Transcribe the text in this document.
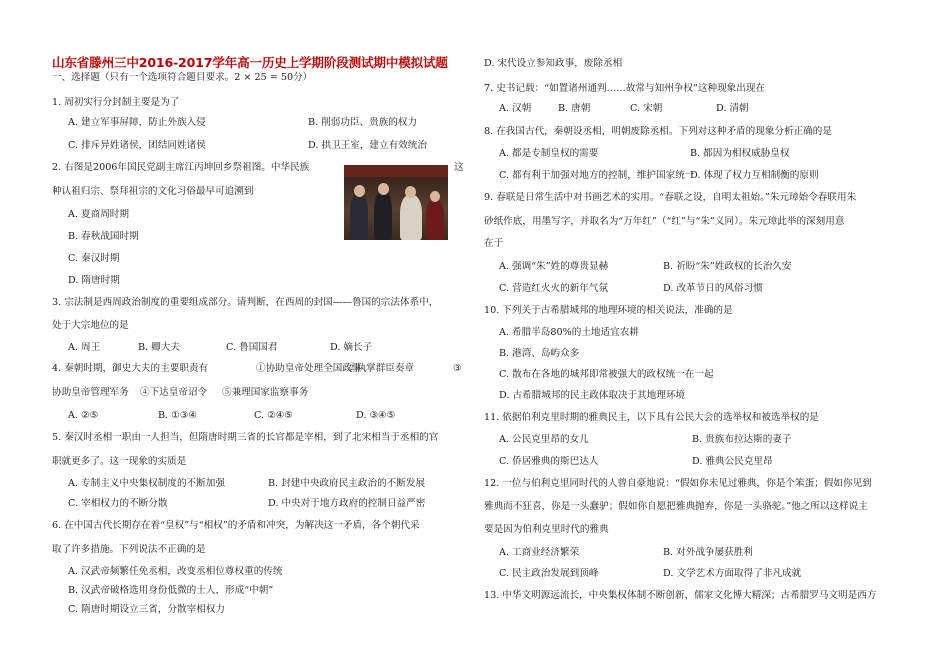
山东省滕州三中2016-2017学年高一历史上学期阶段测试期中模拟试题
一、选择题（只有一个选项符合题目要求。2 × 25 = 50分）
1. 周初实行分封制主要是为了
A. 建立军事屏障，防止外族入侵	B. 削弱功臣、贵族的权力
C. 排斥异姓诸侯，团结同姓诸侯	D. 拱卫王室，建立有效统治
2. 右图是2006年国民党副主席江丙坤回乡祭祖图。中华民族	这
种认祖归宗、祭拜祖宗的文化习俗最早可追溯到
A. 夏商周时期
B. 春秋战国时期
C. 秦汉时期
D. 隋唐时期
3. 宗法制是西周政治制度的重要组成部分。请判断，在西周的封国——鲁国的宗法体系中，
处于大宗地位的是
A. 周王	B. 卿大夫	C. 鲁国国君	D. 嫡长子
4. 秦朝时期，御史大夫的主要职责有	①协助皇帝处理全国政事
②执掌群臣奏章	③
协助皇帝管理军务 ④下达皇帝诏令 ⑤兼理国家监察事务
A. ②⑤	B. ①③④	C. ②④⑤	D. ③④⑤
5. 秦汉时丞相一职由一人担当，但隋唐时期三省的长官都是宰相，到了北宋相当于丞相的官
职就更多了。这一现象的实质是
A. 专制主义中央集权制度的不断加强	B. 封建中央政府民主政治的不断发展
C. 宰相权力的不断分散	D. 中央对于地方政府的控制日益严密
6. 在中国古代长期存在着“皇权”与“相权”的矛盾和冲突，为解决这一矛盾，各个朝代采
取了许多措施。下列说法不正确的是
A. 汉武帝频繁任免丞相，改变丞相位尊权重的传统
B. 汉武帝破格选用身份低微的士人，形成“中朝”
C. 隋唐时期设立三省，分散宰相权力
D. 宋代设立参知政事，废除丞相
7. 史书记载：“如置诸州通判……故常与知州争权”这种现象出现在
A. 汉朝	B. 唐朝	C. 宋朝	D. 清朝
8. 在我国古代，秦朝设丞相，明朝废除丞相。下列对这种矛盾的现象分析正确的是
A. 都是专制皇权的需要	B. 都因为相权威胁皇权
C. 都有利于加强对地方的控制，维护国家统一
D. 体现了权力互相制衡的原则
9. 春联是日常生活中对书画艺术的实用。“春联之设，自明太祖始。”朱元璋始令春联用朱
砂纸作底，用墨写字，并取名为“万年红”（“红”与“朱”义同）。朱元璋此举的深刻用意
在于
A. 强调“朱”姓的尊贵显赫	B. 祈盼“朱”姓政权的长治久安
C. 营造红火火的新年气氛	D. 改革节日的风俗习惯
10. 下列关于古希腊城邦的地理环境的相关说法，准确的是
A. 希腊半岛80%的土地适宜农耕
B. 港湾、岛屿众多
C. 散布在各地的城邦即常被强大的政权统一在一起
D. 古希腊城邦的民主政体取决于其地理环境
11. 依据伯利克里时期的雅典民主，以下具有公民大会的选举权和被选举权的是
A. 公民克里昂的女儿	B. 贵族布拉达斯的妻子
C. 侨居雅典的斯巴达人	D. 雅典公民克里昂
12. 一位与伯利克里同时代的人曾自豪地说：“假如你未见过雅典，你是个笨蛋；假如你见到
雅典而不狂喜，你是一头蠢驴；假如你自愿把雅典抛弃，你是一头骆驼。”他之所以这样说主
要是因为伯利克里时代的雅典
A. 工商业经济繁荣	B. 对外战争屡获胜利
C. 民主政治发展到顶峰	D. 文学艺术方面取得了非凡成就
13. 中华文明源远流长，中央集权体制不断创新，儒家文化博大精深；古希腊罗马文明是西方
